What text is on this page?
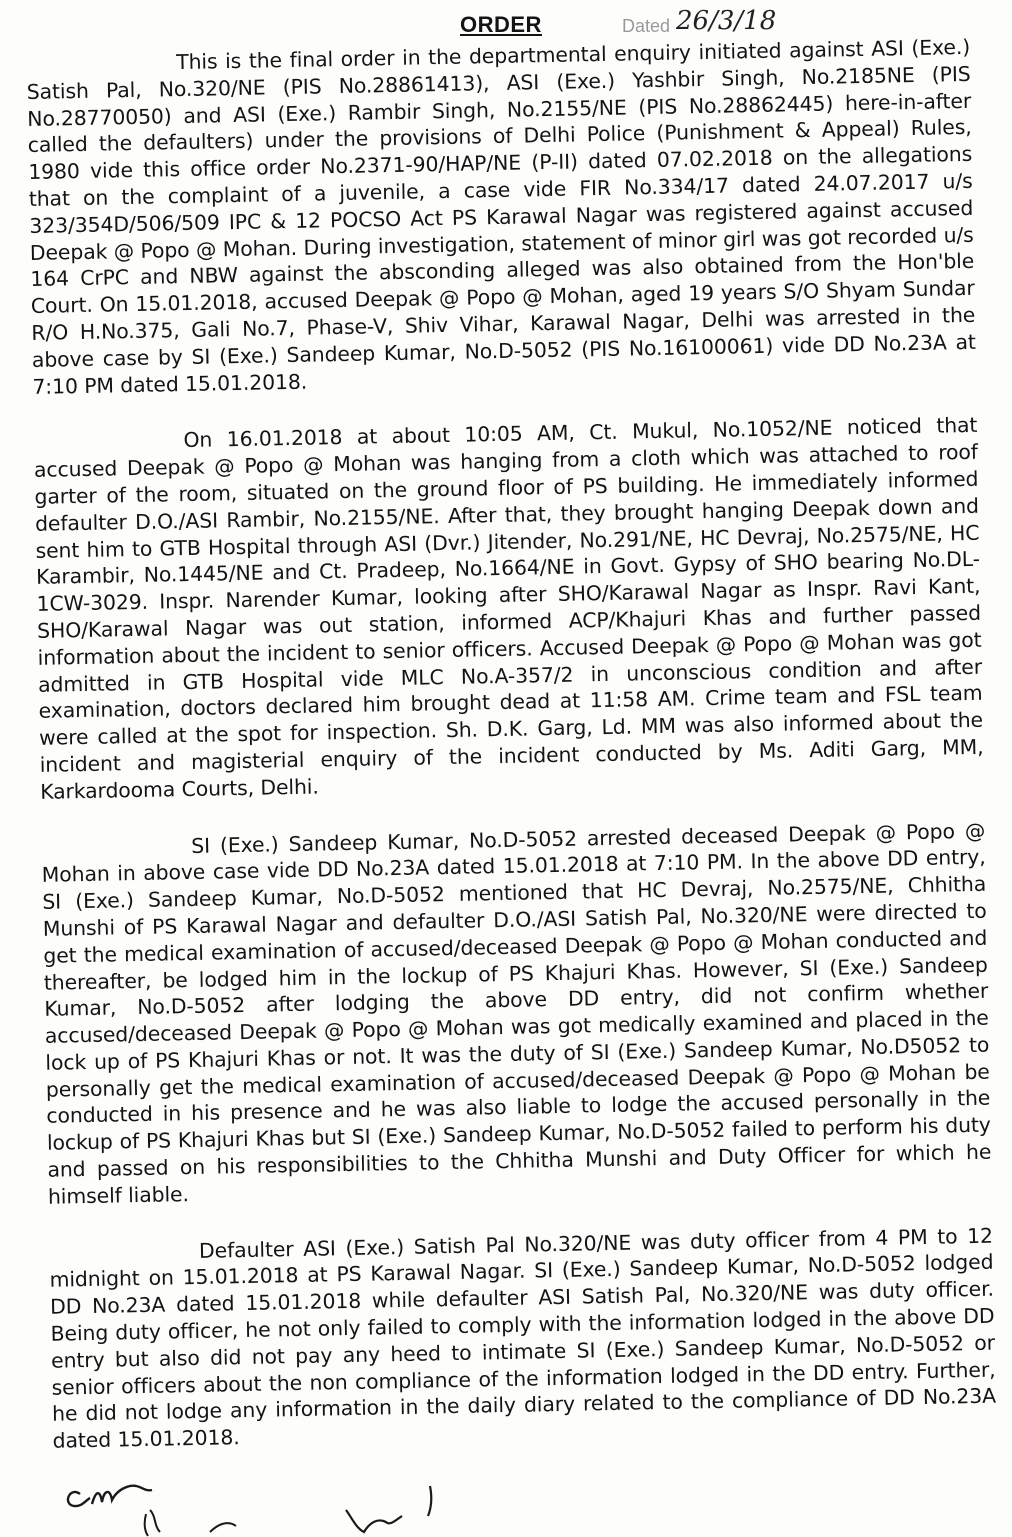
ORDER	Dated 26/3/18

This is the final order in the departmental enquiry initiated against ASI (Exe.) Satish Pal, No.320/NE (PIS No.28861413), ASI (Exe.) Yashbir Singh, No.2185NE (PIS No.28770050) and ASI (Exe.) Rambir Singh, No.2155/NE (PIS No.28862445) here-in-after called the defaulters) under the provisions of Delhi Police (Punishment & Appeal) Rules, 1980 vide this office order No.2371-90/HAP/NE (P-II) dated 07.02.2018 on the allegations that on the complaint of a juvenile, a case vide FIR No.334/17 dated 24.07.2017 u/s 323/354D/506/509 IPC & 12 POCSO Act PS Karawal Nagar was registered against accused Deepak @ Popo @ Mohan. During investigation, statement of minor girl was got recorded u/s 164 CrPC and NBW against the absconding alleged was also obtained from the Hon'ble Court. On 15.01.2018, accused Deepak @ Popo @ Mohan, aged 19 years S/O Shyam Sundar R/O H.No.375, Gali No.7, Phase-V, Shiv Vihar, Karawal Nagar, Delhi was arrested in the above case by SI (Exe.) Sandeep Kumar, No.D-5052 (PIS No.16100061) vide DD No.23A at 7:10 PM dated 15.01.2018.

On 16.01.2018 at about 10:05 AM, Ct. Mukul, No.1052/NE noticed that accused Deepak @ Popo @ Mohan was hanging from a cloth which was attached to roof garter of the room, situated on the ground floor of PS building. He immediately informed defaulter D.O./ASI Rambir, No.2155/NE. After that, they brought hanging Deepak down and sent him to GTB Hospital through ASI (Dvr.) Jitender, No.291/NE, HC Devraj, No.2575/NE, HC Karambir, No.1445/NE and Ct. Pradeep, No.1664/NE in Govt. Gypsy of SHO bearing No.DL-1CW-3029. Inspr. Narender Kumar, looking after SHO/Karawal Nagar as Inspr. Ravi Kant, SHO/Karawal Nagar was out station, informed ACP/Khajuri Khas and further passed information about the incident to senior officers. Accused Deepak @ Popo @ Mohan was got admitted in GTB Hospital vide MLC No.A-357/2 in unconscious condition and after examination, doctors declared him brought dead at 11:58 AM. Crime team and FSL team were called at the spot for inspection. Sh. D.K. Garg, Ld. MM was also informed about the incident and magisterial enquiry of the incident conducted by Ms. Aditi Garg, MM, Karkardooma Courts, Delhi.

SI (Exe.) Sandeep Kumar, No.D-5052 arrested deceased Deepak @ Popo @ Mohan in above case vide DD No.23A dated 15.01.2018 at 7:10 PM. In the above DD entry, SI (Exe.) Sandeep Kumar, No.D-5052 mentioned that HC Devraj, No.2575/NE, Chhitha Munshi of PS Karawal Nagar and defaulter D.O./ASI Satish Pal, No.320/NE were directed to get the medical examination of accused/deceased Deepak @ Popo @ Mohan conducted and thereafter, be lodged him in the lockup of PS Khajuri Khas. However, SI (Exe.) Sandeep Kumar, No.D-5052 after lodging the above DD entry, did not confirm whether accused/deceased Deepak @ Popo @ Mohan was got medically examined and placed in the lock up of PS Khajuri Khas or not. It was the duty of SI (Exe.) Sandeep Kumar, No.D5052 to personally get the medical examination of accused/deceased Deepak @ Popo @ Mohan be conducted in his presence and he was also liable to lodge the accused personally in the lockup of PS Khajuri Khas but SI (Exe.) Sandeep Kumar, No.D-5052 failed to perform his duty and passed on his responsibilities to the Chhitha Munshi and Duty Officer for which he himself liable.

Defaulter ASI (Exe.) Satish Pal No.320/NE was duty officer from 4 PM to 12 midnight on 15.01.2018 at PS Karawal Nagar. SI (Exe.) Sandeep Kumar, No.D-5052 lodged DD No.23A dated 15.01.2018 while defaulter ASI Satish Pal, No.320/NE was duty officer. Being duty officer, he not only failed to comply with the information lodged in the above DD entry but also did not pay any heed to intimate SI (Exe.) Sandeep Kumar, No.D-5052 or senior officers about the non compliance of the information lodged in the DD entry. Further, he did not lodge any information in the daily diary related to the compliance of DD No.23A dated 15.01.2018.
